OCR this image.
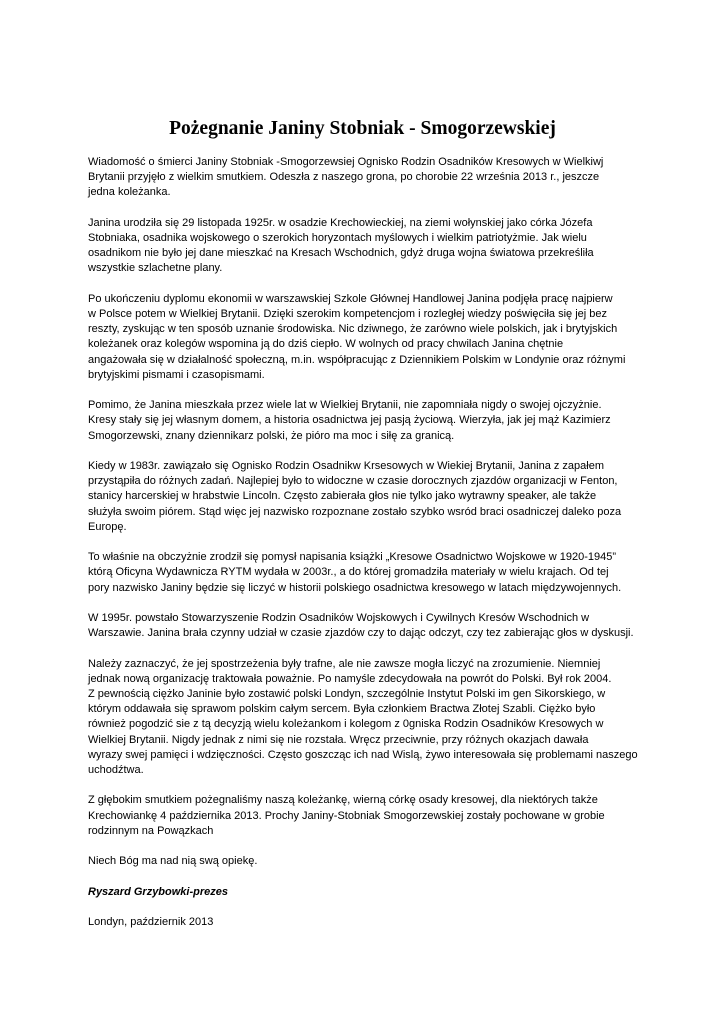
Pożegnanie Janiny Stobniak - Smogorzewskiej

Wiadomość o śmierci Janiny Stobniak -Smogorzewsiej Ognisko Rodzin Osadników Kresowych w Wielkiwj
Brytanii przyjęło z wielkim smutkiem. Odeszła z naszego grona, po chorobie 22 września 2013 r., jeszcze
jedna koleżanka.

Janina urodziła się 29 listopada 1925r. w osadzie Krechowieckiej, na ziemi wołynskiej jako córka Józefa
Stobniaka, osadnika wojskowego o szerokich horyzontach myślowych i wielkim patriotyżmie. Jak wielu
osadnikom nie było jej dane mieszkać na Kresach Wschodnich, gdyż druga wojna światowa przekreśliła
wszystkie szlachetne plany.

Po ukończeniu dyplomu ekonomii w warszawskiej Szkole Głównej Handlowej Janina podjęła pracę najpierw
w Polsce potem w Wielkiej Brytanii. Dzięki szerokim kompetencjom i rozległej wiedzy poświęciła się jej bez
reszty, zyskując w ten sposób uznanie środowiska. Nic dziwnego, że zarówno wiele polskich, jak i brytyjskich
koleżanek oraz kolegów wspomina ją do dziś ciepło. W wolnych od pracy chwilach Janina chętnie
angażowała się w działalność społeczną, m.in. współpracując z Dziennikiem Polskim w Londynie oraz różnymi
brytyjskimi pismami i czasopismami.

Pomimo, że Janina mieszkała przez wiele lat w Wielkiej Brytanii, nie zapomniała nigdy o swojej ojczyżnie.
Kresy stały się jej własnym domem, a historia osadnictwa jej pasją życiową. Wierzyła, jak jej mąż Kazimierz
Smogorzewski, znany dziennikarz polski, że pióro ma moc i siłę za granicą.

Kiedy w 1983r. zawiązało się Ognisko Rodzin Osadnikw Krsesowych w Wiekiej Brytanii, Janina z zapałem
przystąpiła do różnych zadań. Najlepiej było to widoczne w czasie dorocznych zjazdów organizacji w Fenton,
stanicy harcerskiej w hrabstwie Lincoln. Często zabierała głos nie tylko jako wytrawny speaker, ale także
służyła swoim piórem. Stąd więc jej nazwisko rozpoznane zostało szybko wsród braci osadniczej daleko poza
Europę.

To właśnie na obczyżnie zrodził się pomysł napisania książki „Kresowe Osadnictwo Wojskowe w 1920-1945”
którą Oficyna Wydawnicza RYTM wydała w 2003r., a do której gromadziła materiały w wielu krajach. Od tej
pory nazwisko Janiny będzie się liczyć w historii polskiego osadnictwa kresowego w latach międzywojennych.

W 1995r. powstało Stowarzyszenie Rodzin Osadników Wojskowych i Cywilnych Kresów Wschodnich w
Warszawie. Janina brała czynny udział w czasie zjazdów czy to dając odczyt, czy tez zabierając głos w dyskusji.

Należy zaznaczyć, że jej spostrzeżenia były trafne, ale nie zawsze mogła liczyć na zrozumienie. Niemniej
jednak nową organizację traktowała poważnie. Po namyśle zdecydowała na powrót do Polski. Był rok 2004.
Z pewnością ciężko Janinie było zostawić polski Londyn, szczególnie Instytut Polski im gen Sikorskiego, w
którym oddawała się sprawom polskim całym sercem. Była członkiem Bractwa Złotej Szabli. Ciężko było
również pogodzić sie z tą decyzją wielu koleżankom i kolegom z 0gniska Rodzin Osadników Kresowych w
Wielkiej Brytanii. Nigdy jednak z nimi się nie rozstała. Wręcz przeciwnie, przy różnych okazjach dawała
wyrazy swej pamięci i wdzięczności. Często goszcząc ich nad Wislą, żywo interesowała się problemami naszego
uchodźtwa.

Z głębokim smutkiem pożegnaliśmy naszą koleżankę, wierną córkę osady kresowej, dla niektórych także
Krechowiankę 4 października 2013. Prochy Janiny-Stobniak Smogorzewskiej zostały pochowane w grobie
rodzinnym na Powązkach

Niech Bóg ma nad nią swą opiekę.

Ryszard Grzybowki-prezes

Londyn, październik 2013
